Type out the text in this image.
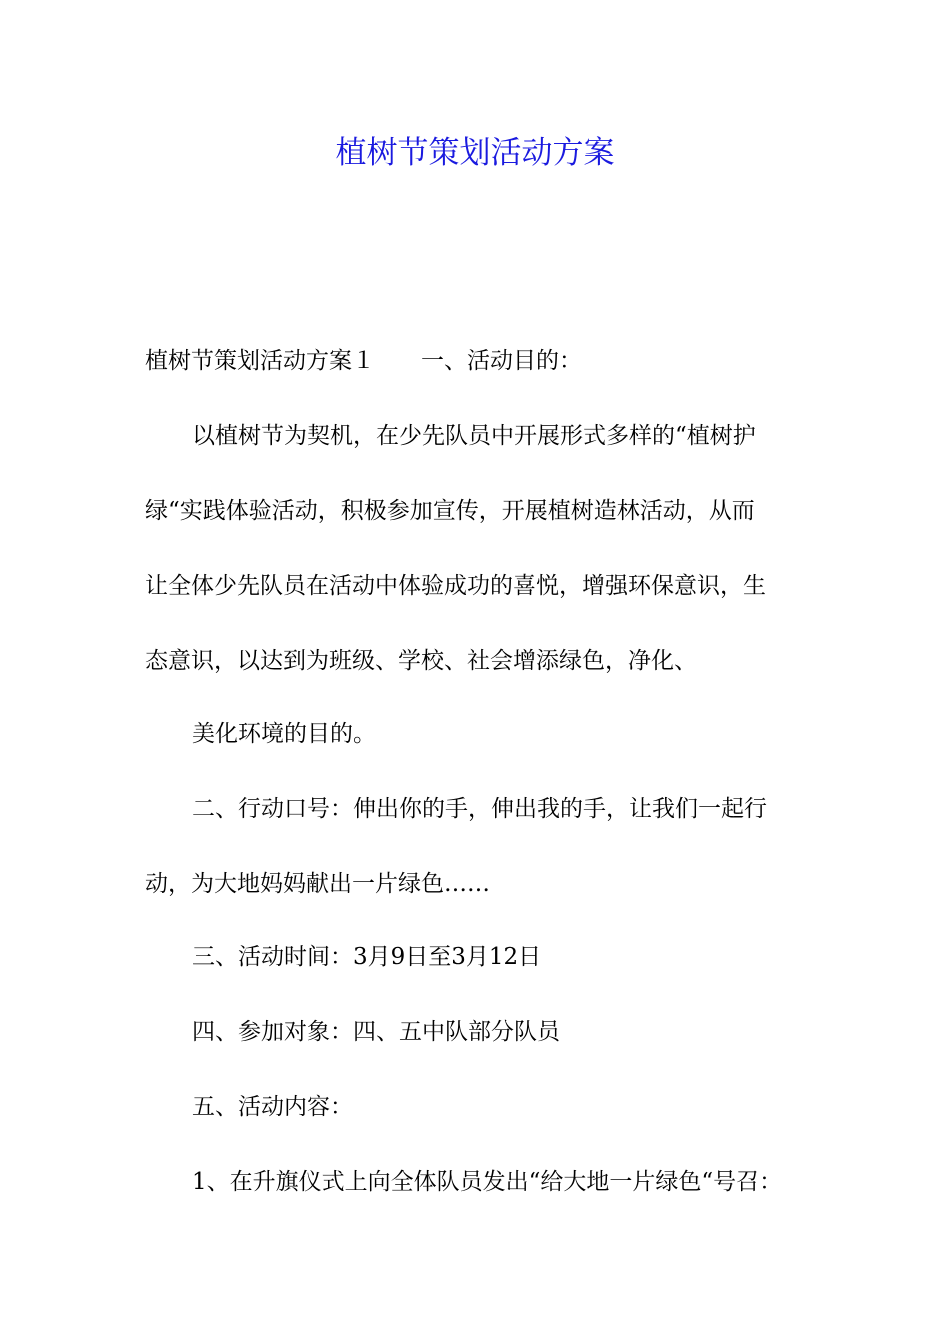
植树节策划活动方案

植树节策划活动方案１ 一、活动目的：

以植树节为契机，在少先队员中开展形式多样的“植树护

绿“实践体验活动，积极参加宣传，开展植树造林活动，从而

让全体少先队员在活动中体验成功的喜悦，增强环保意识，生

态意识，以达到为班级、学校、社会增添绿色，净化、

美化环境的目的。

二、行动口号：伸出你的手，伸出我的手，让我们一起行

动，为大地妈妈献出一片绿色……

三、活动时间：3月9日至3月12日

四、参加对象：四、五中队部分队员

五、活动内容：

1、在升旗仪式上向全体队员发出“给大地一片绿色“号召：
